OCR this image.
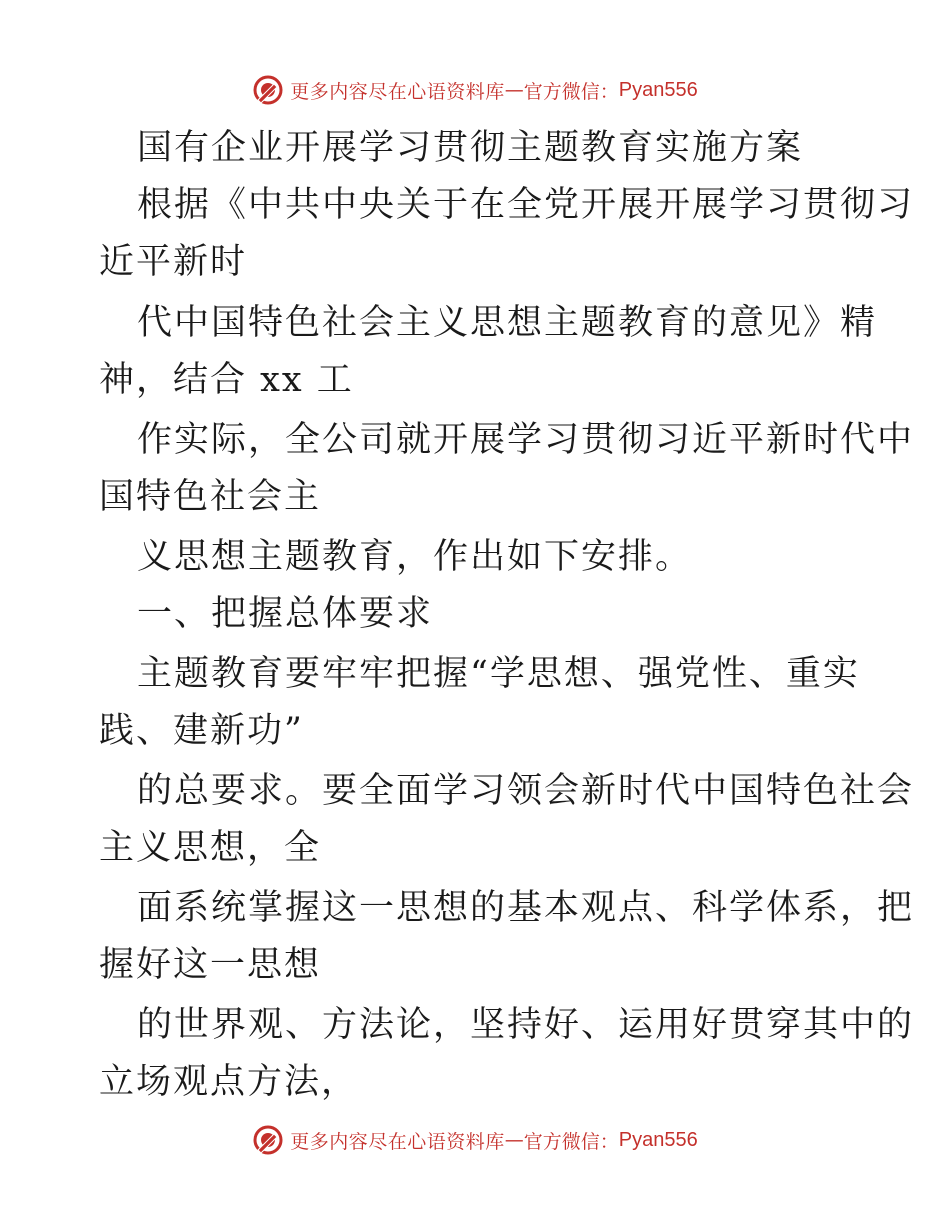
更多内容尽在心语资料库 — 官方微信： Pyan556
国有企业开展学习贯彻主题教育实施方案
根据《中共中央关于在全党开展开展学习贯彻习
近平新时
代中国特色社会主义思想主题教育的意见》精
神，结合 xx 工
作实际，全公司就开展学习贯彻习近平新时代中
国特色社会主
义思想主题教育，作出如下安排。
一、把握总体要求
主题教育要牢牢把握“学思想、强党性、重实
践、建新功”
的总要求。要全面学习领会新时代中国特色社会
主义思想，全
面系统掌握这一思想的基本观点、科学体系，把
握好这一思想
的世界观、方法论，坚持好、运用好贯穿其中的
立场观点方法，
更多内容尽在心语资料库 — 官方微信： Pyan556
